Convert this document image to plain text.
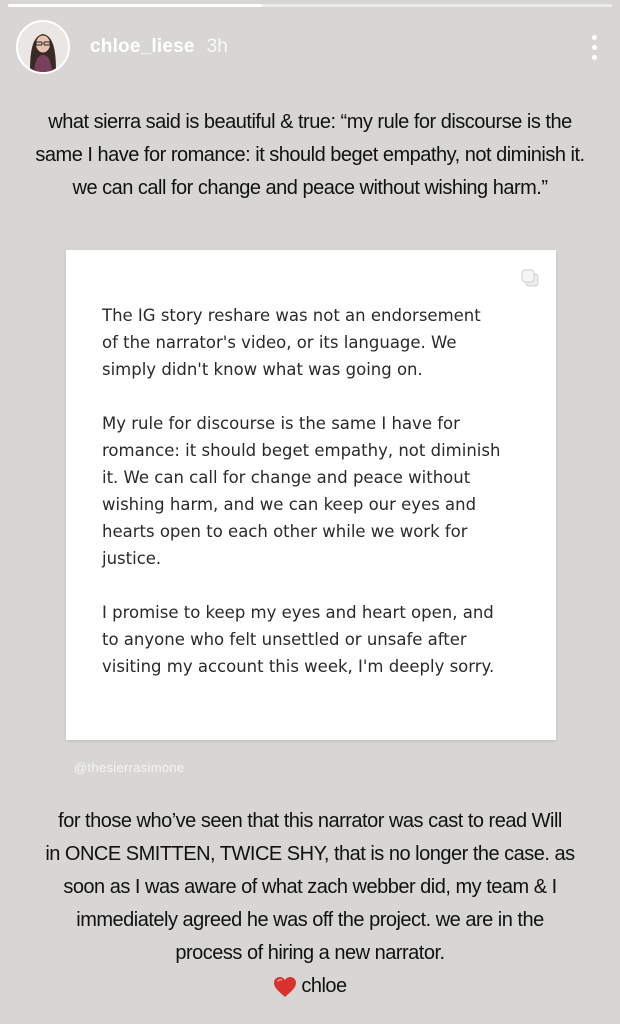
chloe_liese 3h
what sierra said is beautiful & true: “my rule for discourse is the
same I have for romance: it should beget empathy, not diminish it.
we can call for change and peace without wishing harm.”

The IG story reshare was not an endorsement
of the narrator's video, or its language. We
simply didn't know what was going on.

My rule for discourse is the same I have for
romance: it should beget empathy, not diminish
it. We can call for change and peace without
wishing harm, and we can keep our eyes and
hearts open to each other while we work for
justice.

I promise to keep my eyes and heart open, and
to anyone who felt unsettled or unsafe after
visiting my account this week, I'm deeply sorry.

@thesierrasimone
for those who’ve seen that this narrator was cast to read Will
in ONCE SMITTEN, TWICE SHY, that is no longer the case. as
soon as I was aware of what zach webber did, my team & I
immediately agreed he was off the project. we are in the
process of hiring a new narrator.
chloe
